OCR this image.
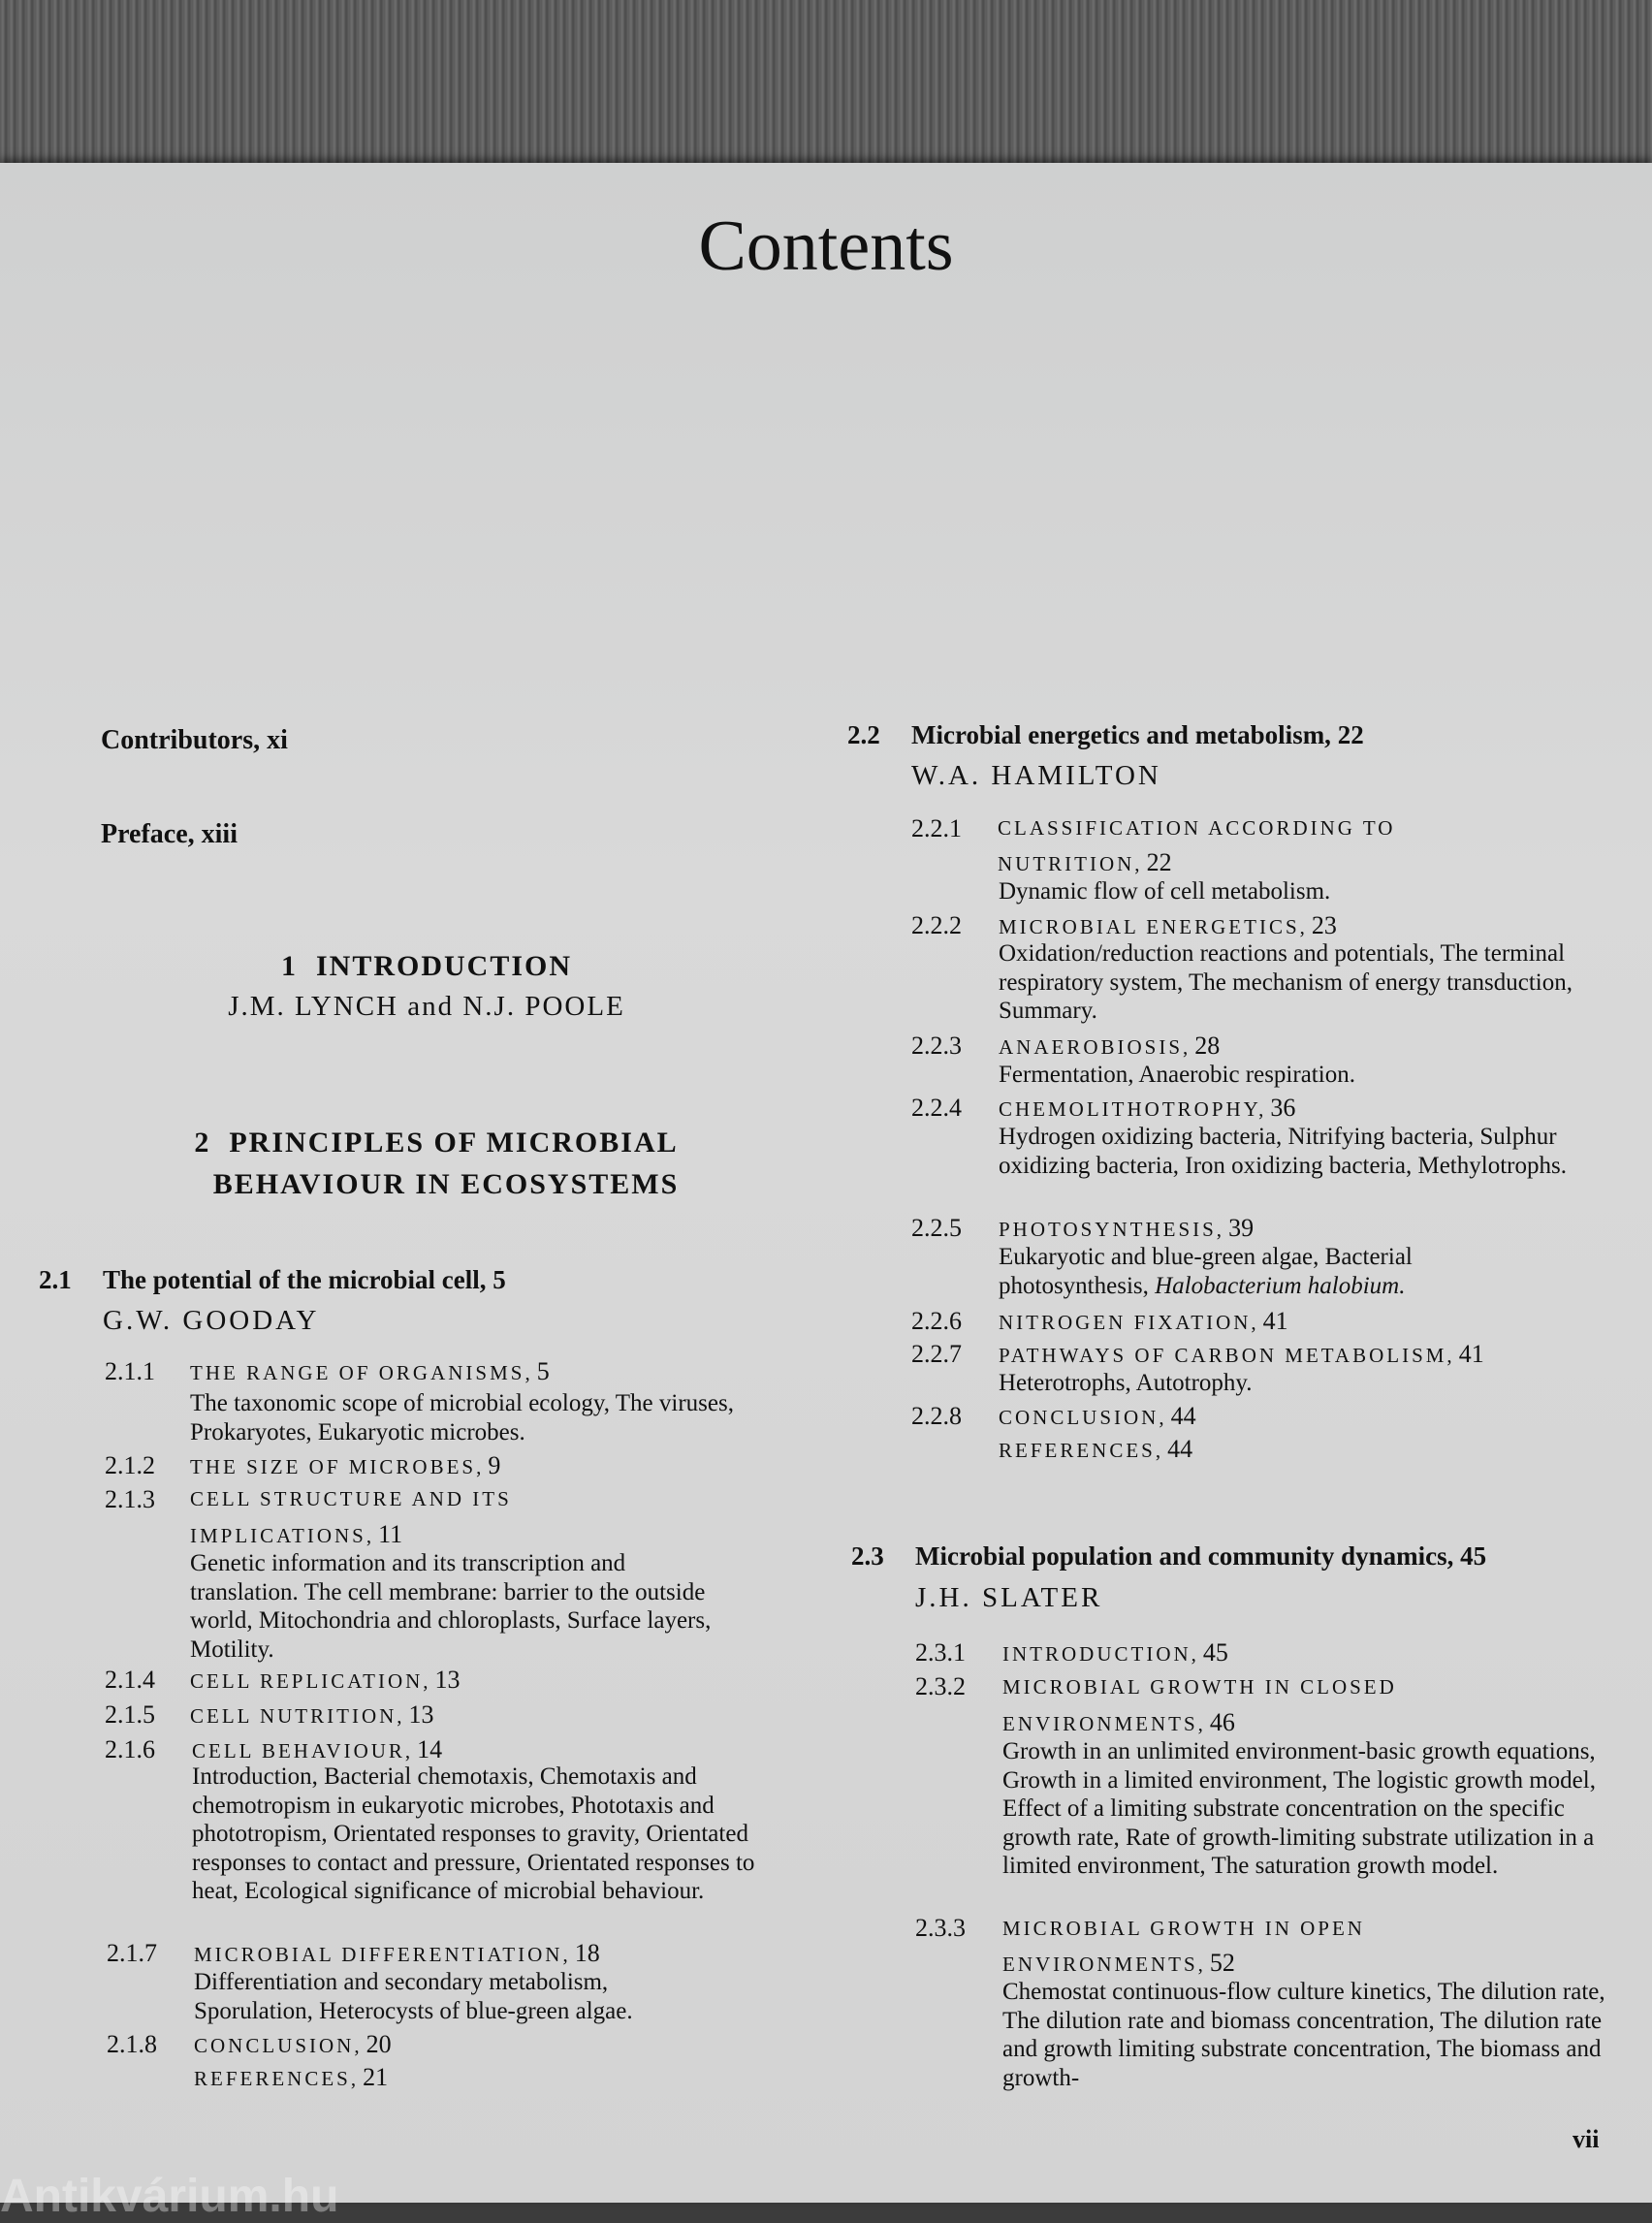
Contents

Contributors, xi

Preface, xiii

1 INTRODUCTION
J.M. LYNCH and N.J. POOLE
2 PRINCIPLES OF MICROBIAL
BEHAVIOUR IN ECOSYSTEMS

2.1 The potential of the microbial cell, 5

G.W. GOODAY

2.1.1 THE RANGE OF ORGANISMS, 5

The taxonomic scope of microbial ecology, The viruses, Prokaryotes, Eukaryotic microbes.

2.1.2 THE SIZE OF MICROBES, 9

2.1.3 CELL STRUCTURE AND ITS

IMPLICATIONS, 11

Genetic information and its transcription and translation. The cell membrane: barrier to the outside world, Mitochondria and chloroplasts, Surface layers, Motility.

2.1.4 CELL REPLICATION, 13

2.1.5 CELL NUTRITION, 13

2.1.6 CELL BEHAVIOUR, 14

Introduction, Bacterial chemotaxis, Chemotaxis and chemotropism in eukaryotic microbes, Phototaxis and phototropism, Orientated responses to gravity, Orientated responses to contact and pressure, Orientated responses to heat, Ecological significance of microbial behaviour.

2.1.7 MICROBIAL DIFFERENTIATION, 18

Differentiation and secondary metabolism, Sporulation, Heterocysts of blue-green algae.

2.1.8 CONCLUSION, 20

REFERENCES, 21

2.2 Microbial energetics and metabolism, 22

W.A. HAMILTON

2.2.1 CLASSIFICATION ACCORDING TO

NUTRITION, 22

Dynamic flow of cell metabolism.

2.2.2 MICROBIAL ENERGETICS, 23

Oxidation/reduction reactions and potentials, The terminal respiratory system, The mechanism of energy transduction, Summary.

2.2.3 ANAEROBIOSIS, 28

Fermentation, Anaerobic respiration.

2.2.4 CHEMOLITHOTROPHY, 36

Hydrogen oxidizing bacteria, Nitrifying bacteria, Sulphur oxidizing bacteria, Iron oxidizing bacteria, Methylotrophs.

2.2.5 PHOTOSYNTHESIS, 39

Eukaryotic and blue-green algae, Bacterial photosynthesis, Halobacterium halobium.

2.2.6 NITROGEN FIXATION, 41

2.2.7 PATHWAYS OF CARBON METABOLISM, 41

Heterotrophs, Autotrophy.

2.2.8 CONCLUSION, 44

REFERENCES, 44

2.3 Microbial population and community dynamics, 45

J.H. SLATER

2.3.1 INTRODUCTION, 45

2.3.2 MICROBIAL GROWTH IN CLOSED

ENVIRONMENTS, 46

Growth in an unlimited environment-basic growth equations, Growth in a limited environment, The logistic growth model, Effect of a limiting substrate concentration on the specific growth rate, Rate of growth-limiting substrate utilization in a limited environment, The saturation growth model.

2.3.3 MICROBIAL GROWTH IN OPEN

ENVIRONMENTS, 52

Chemostat continuous-flow culture kinetics, The dilution rate, The dilution rate and biomass concentration, The dilution rate and growth limiting substrate concentration, The biomass and growth-

vii

Antikvárium.hu
